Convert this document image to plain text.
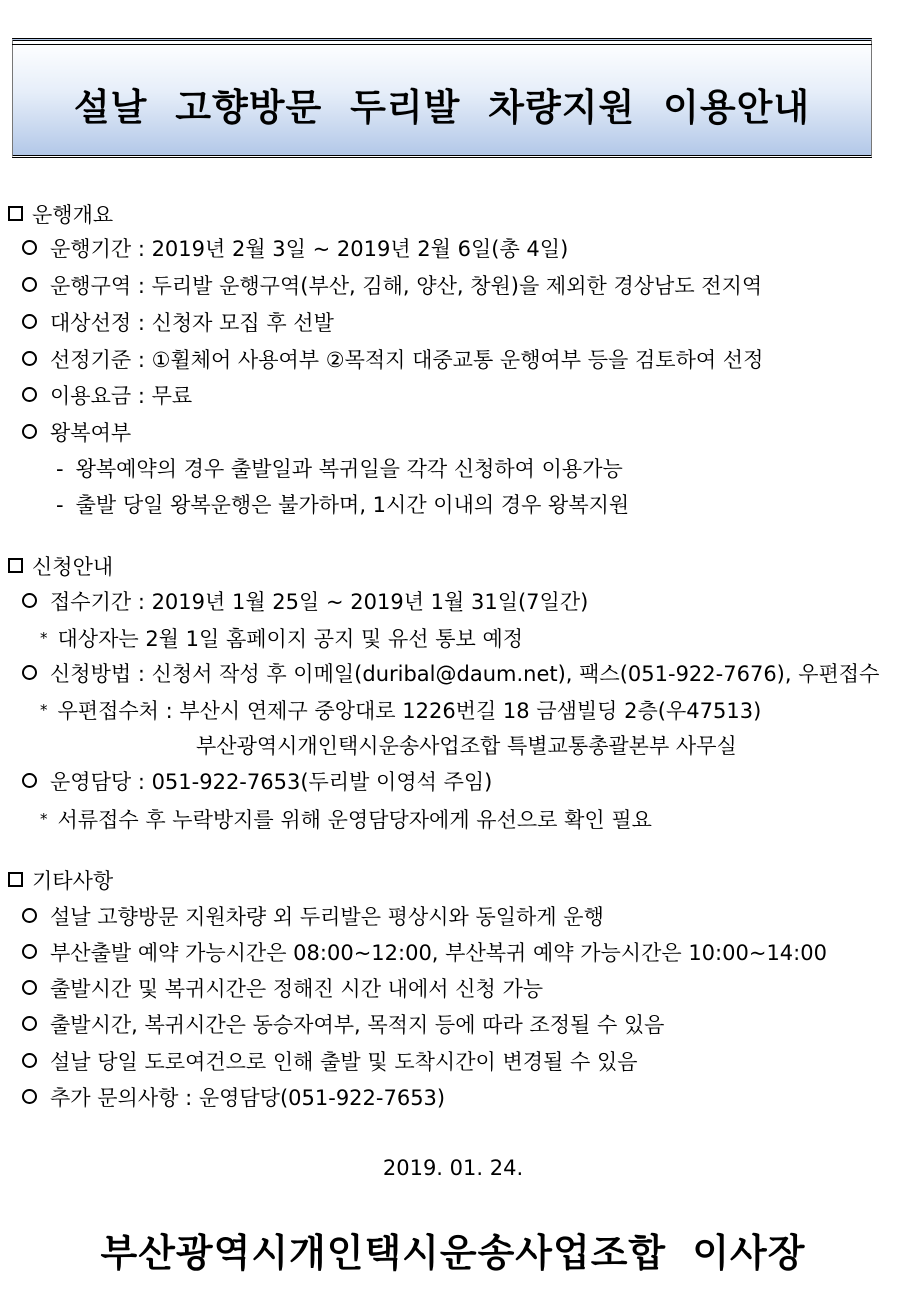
설날 고향방문 두리발 차량지원 이용안내
운행개요
운행기간 : 2019년 2월 3일 ~ 2019년 2월 6일(총 4일)
운행구역 : 두리발 운행구역(부산, 김해, 양산, 창원)을 제외한 경상남도 전지역
대상선정 : 신청자 모집 후 선발
선정기준 : ①휠체어 사용여부 ②목적지 대중교통 운행여부 등을 검토하여 선정
이용요금 : 무료
왕복여부
- 왕복예약의 경우 출발일과 복귀일을 각각 신청하여 이용가능
- 출발 당일 왕복운행은 불가하며, 1시간 이내의 경우 왕복지원
신청안내
접수기간 : 2019년 1월 25일 ~ 2019년 1월 31일(7일간)
* 대상자는 2월 1일 홈페이지 공지 및 유선 통보 예정
신청방법 : 신청서 작성 후 이메일(duribal@daum.net), 팩스(051-922-7676), 우편접수
* 우편접수처 : 부산시 연제구 중앙대로 1226번길 18 금샘빌딩 2층(우47513)
부산광역시개인택시운송사업조합 특별교통총괄본부 사무실
운영담당 : 051-922-7653(두리발 이영석 주임)
* 서류접수 후 누락방지를 위해 운영담당자에게 유선으로 확인 필요
기타사항
설날 고향방문 지원차량 외 두리발은 평상시와 동일하게 운행
부산출발 예약 가능시간은 08:00~12:00, 부산복귀 예약 가능시간은 10:00~14:00
출발시간 및 복귀시간은 정해진 시간 내에서 신청 가능
출발시간, 복귀시간은 동승자여부, 목적지 등에 따라 조정될 수 있음
설날 당일 도로여건으로 인해 출발 및 도착시간이 변경될 수 있음
추가 문의사항 : 운영담당(051-922-7653)
2019. 01. 24.
부산광역시개인택시운송사업조합 이사장
